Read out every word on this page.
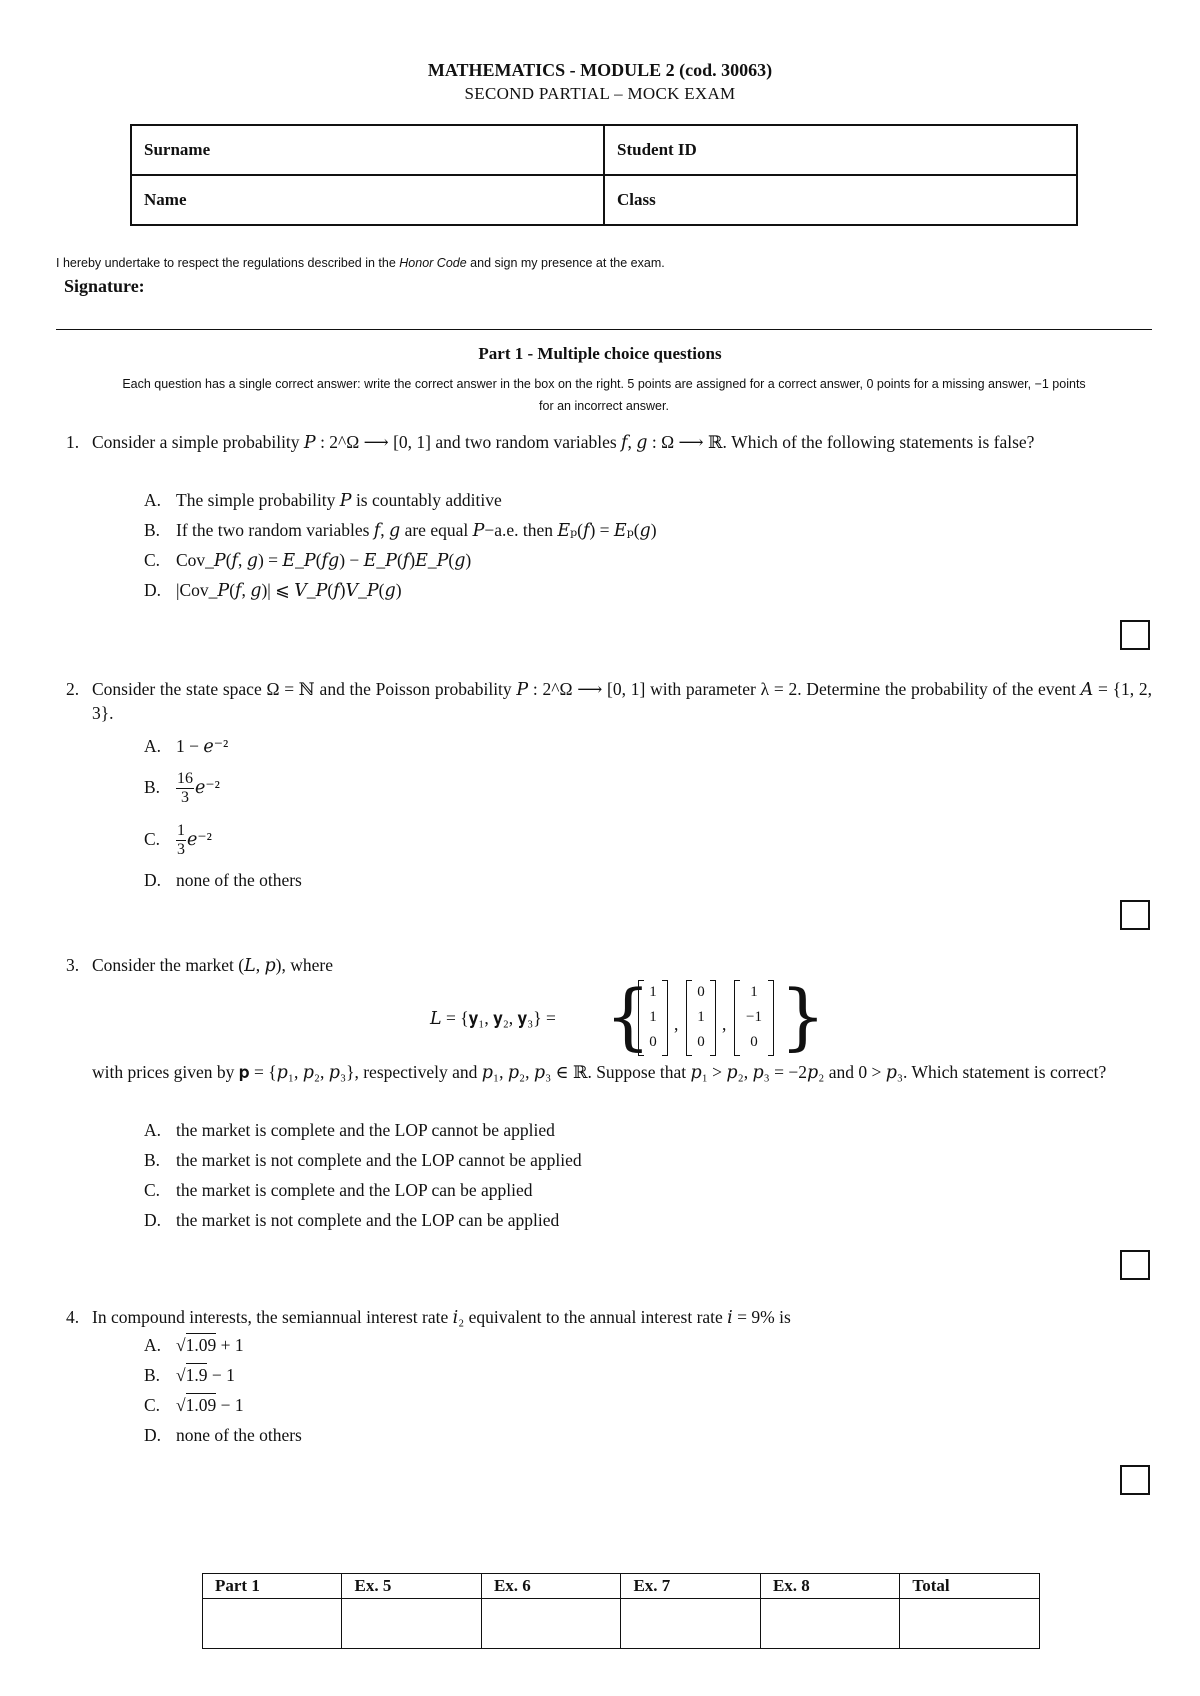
MATHEMATICS - MODULE 2 (cod. 30063)
SECOND PARTIAL – MOCK EXAM
Surname	Student ID
Name	Class
I hereby undertake to respect the regulations described in the Honor Code and sign my presence at the exam.
Signature:
Part 1 - Multiple choice questions
Each question has a single correct answer: write the correct answer in the box on the right. 5 points are assigned for a correct answer, 0 points for a missing answer, −1 points
for an incorrect answer.
1. Consider a simple probability 𝑃 : 2^Ω ⟶ [0, 1] and two random variables 𝑓, 𝑔 : Ω ⟶ ℝ. Which of the following statements is false?
A. The simple probability 𝑃 is countably additive
B. If the two random variables 𝑓, 𝑔 are equal 𝑃−a.e. then 𝐸ₚ(𝑓) = 𝐸ₚ(𝑔)
C. Cov_𝑃(𝑓, 𝑔) = 𝐸_𝑃(𝑓𝑔) − 𝐸_𝑃(𝑓)𝐸_𝑃(𝑔)
D. |Cov_𝑃(𝑓, 𝑔)| ⩽ 𝑉_𝑃(𝑓)𝑉_𝑃(𝑔)
2. Consider the state space Ω = ℕ and the Poisson probability 𝑃 : 2^Ω ⟶ [0, 1] with parameter λ = 2. Determine the probability of the event 𝐴 = {1, 2, 3}.
A. 1 − 𝑒⁻²
B. $\frac{16}{3}$ 𝑒⁻²
C. $\frac{1}{3}$ 𝑒⁻²
D. none of the others
3. Consider the market (𝐿, 𝑝), where
𝐿 = {𝐲₁, 𝐲₂, 𝐲₃} = {
1
1
0
,
0
1
0
,
1
−1
0 }
with prices given by 𝐩 = {𝑝₁, 𝑝₂, 𝑝₃}, respectively and 𝑝₁, 𝑝₂, 𝑝₃ ∈ ℝ. Suppose that 𝑝₁ > 𝑝₂, 𝑝₃ = −2𝑝₂ and 0 > 𝑝₃. Which statement is correct?
A. the market is complete and the LOP cannot be applied
B. the market is not complete and the LOP cannot be applied
C. the market is complete and the LOP can be applied
D. the market is not complete and the LOP can be applied
4. In compound interests, the semiannual interest rate 𝑖₂ equivalent to the annual interest rate 𝑖 = 9% is
A. √1.09 + 1
B. √1.9 − 1
C. √1.09 − 1
D. none of the others
Part 1	Ex. 5	Ex. 6	Ex. 7	Ex. 8	Total
